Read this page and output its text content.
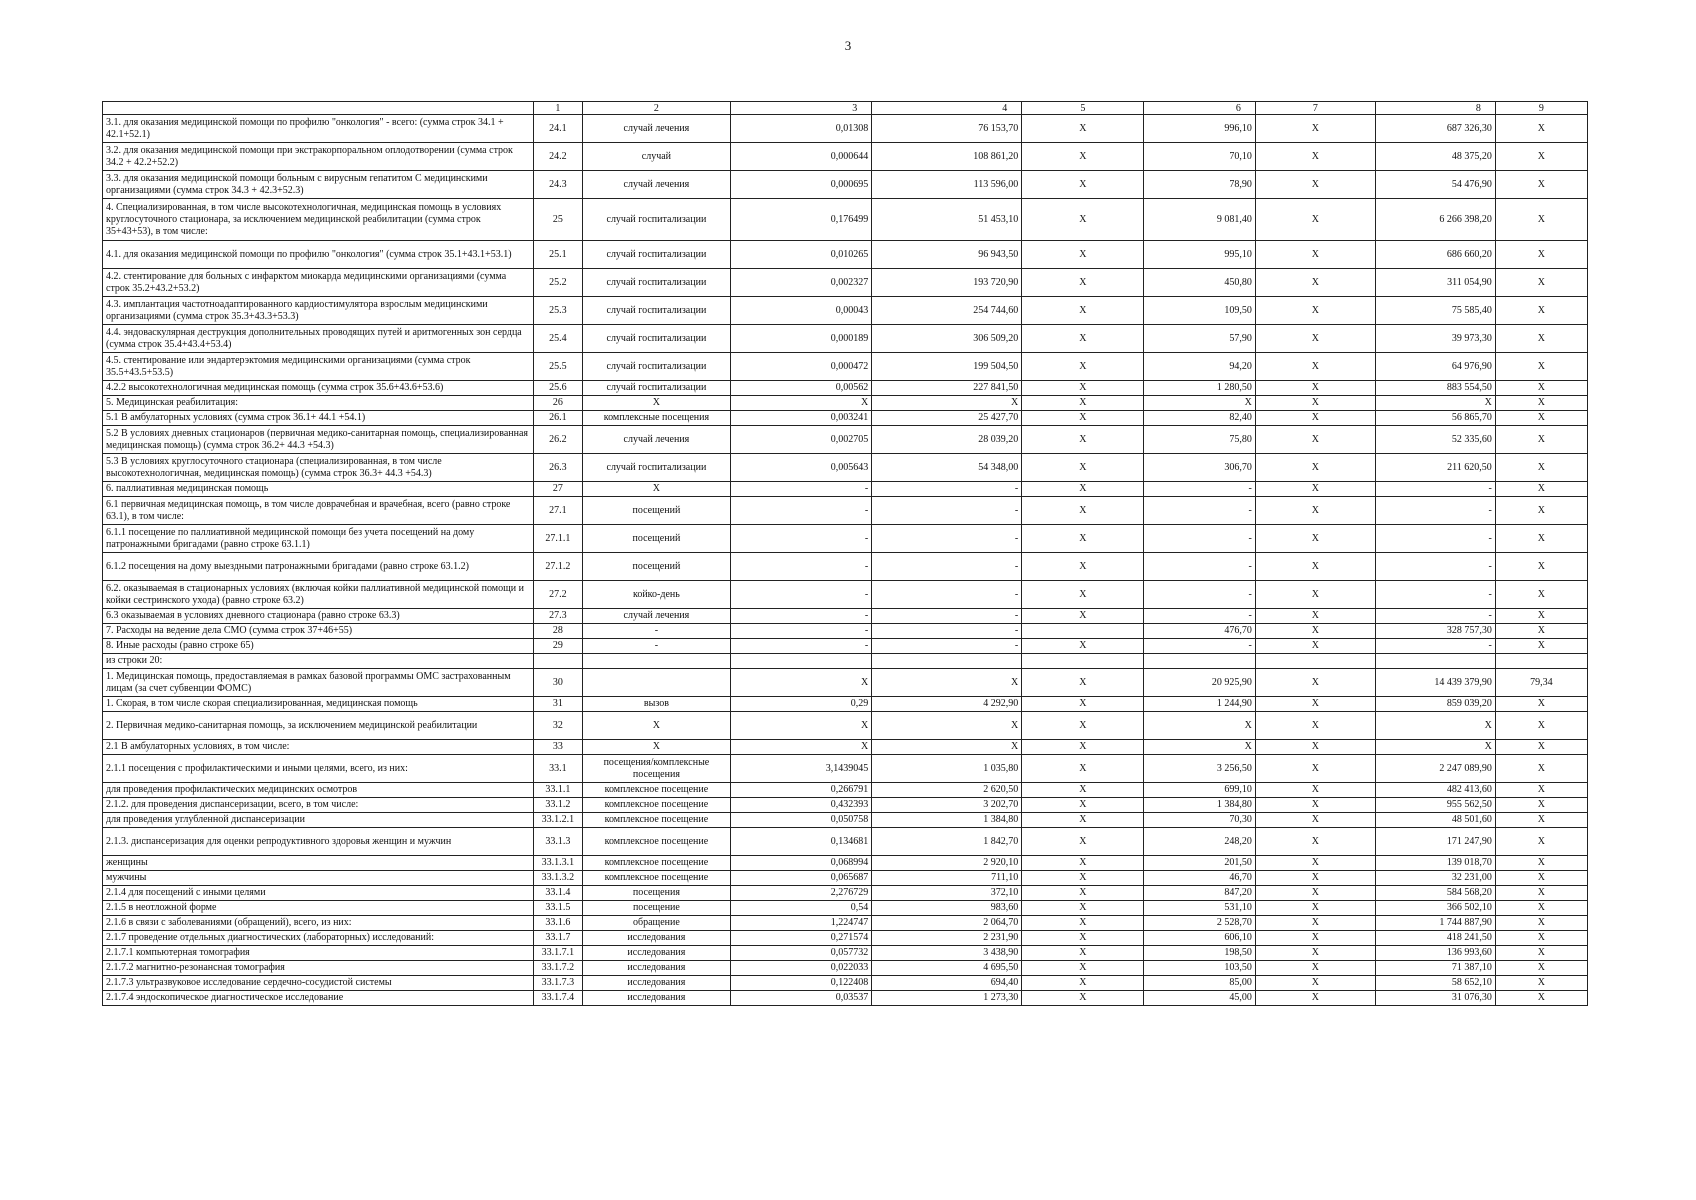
3
	1	2	3	4	5	6	7	8	9
3.1. для оказания медицинской помощи по профилю "онкология" - всего: (сумма строк 34.1 + 42.1+52.1)	24.1	случай лечения	0,01308	76 153,70	X	996,10	X	687 326,30	X
3.2. для оказания медицинской помощи при экстракорпоральном оплодотворении (сумма строк 34.2 + 42.2+52.2)	24.2	случай	0,000644	108 861,20	X	70,10	X	48 375,20	X
3.3. для оказания медицинской помощи больным с вирусным гепатитом С медицинскими организациями (сумма строк 34.3 + 42.3+52.3)	24.3	случай лечения	0,000695	113 596,00	X	78,90	X	54 476,90	X
4. Специализированная, в том числе высокотехнологичная, медицинская помощь в условиях круглосуточного стационара, за исключением медицинской реабилитации (сумма строк 35+43+53), в том числе:	25	случай госпитализации	0,176499	51 453,10	X	9 081,40	X	6 266 398,20	X
4.1. для оказания медицинской помощи по профилю "онкология" (сумма строк 35.1+43.1+53.1)	25.1	случай госпитализации	0,010265	96 943,50	X	995,10	X	686 660,20	X
4.2. стентирование для больных с инфарктом миокарда медицинскими организациями (сумма строк 35.2+43.2+53.2)	25.2	случай госпитализации	0,002327	193 720,90	X	450,80	X	311 054,90	X
4.3. имплантация частотноадаптированного кардиостимулятора взрослым медицинскими организациями (сумма строк 35.3+43.3+53.3)	25.3	случай госпитализации	0,00043	254 744,60	X	109,50	X	75 585,40	X
4.4. эндоваскулярная деструкция дополнительных проводящих путей и аритмогенных зон сердца (сумма строк 35.4+43.4+53.4)	25.4	случай госпитализации	0,000189	306 509,20	X	57,90	X	39 973,30	X
4.5. стентирование или эндартерэктомия медицинскими организациями (сумма строк 35.5+43.5+53.5)	25.5	случай госпитализации	0,000472	199 504,50	X	94,20	X	64 976,90	X
4.2.2 высокотехнологичная медицинская помощь (сумма строк 35.6+43.6+53.6)	25.6	случай госпитализации	0,00562	227 841,50	X	1 280,50	X	883 554,50	X
5. Медицинская реабилитация:	26	X	X	X	X	X	X	X	X
5.1 В амбулаторных условиях (сумма строк 36.1+ 44.1 +54.1)	26.1	комплексные посещения	0,003241	25 427,70	X	82,40	X	56 865,70	X
5.2 В условиях дневных стационаров (первичная медико-санитарная помощь, специализированная медицинская помощь) (сумма строк 36.2+ 44.3 +54.3)	26.2	случай лечения	0,002705	28 039,20	X	75,80	X	52 335,60	X
5.3 В условиях круглосуточного стационара (специализированная, в том числе высокотехнологичная, медицинская помощь) (сумма строк 36.3+ 44.3 +54.3)	26.3	случай госпитализации	0,005643	54 348,00	X	306,70	X	211 620,50	X
6. паллиативная медицинская помощь	27	X	-	-	X	-	X	-	X
6.1 первичная медицинская помощь, в том числе доврачебная и врачебная, всего (равно строке 63.1), в том числе:	27.1	посещений	-	-	X	-	X	-	X
6.1.1 посещение по паллиативной медицинской помощи без учета посещений на дому патронажными бригадами (равно строке 63.1.1)	27.1.1	посещений	-	-	X	-	X	-	X
6.1.2 посещения на дому выездными патронажными бригадами (равно строке 63.1.2)	27.1.2	посещений	-	-	X	-	X	-	X
6.2. оказываемая в стационарных условиях (включая койки паллиативной медицинской помощи и койки сестринского ухода) (равно строке 63.2)	27.2	койко-день	-	-	X	-	X	-	X
6.3 оказываемая в условиях дневного стационара (равно строке 63.3)	27.3	случай лечения	-	-	X	-	X	-	X
7. Расходы на ведение дела СМО (сумма строк 37+46+55)	28	-	-	-		476,70	X	328 757,30	X
8. Иные расходы (равно строке 65)	29	-	-	-	X	-	X	-	X
из строки 20:									
1. Медицинская помощь, предоставляемая в рамках базовой программы ОМС застрахованным лицам (за счет субвенции ФОМС)	30		X	X	X	20 925,90	X	14 439 379,90	79,34
1. Скорая, в том числе скорая специализированная, медицинская помощь	31	вызов	0,29	4 292,90	X	1 244,90	X	859 039,20	X
2. Первичная медико-санитарная помощь, за исключением медицинской реабилитации	32	X	X	X	X	X	X	X	X
2.1 В амбулаторных условиях, в том числе:	33	X	X	X	X	X	X	X	X
2.1.1 посещения с профилактическими и иными целями, всего, из них:	33.1	посещения/комплексные посещения	3,1439045	1 035,80	X	3 256,50	X	2 247 089,90	X
для проведения профилактических медицинских осмотров	33.1.1	комплексное посещение	0,266791	2 620,50	X	699,10	X	482 413,60	X
2.1.2. для проведения диспансеризации, всего, в том числе:	33.1.2	комплексное посещение	0,432393	3 202,70	X	1 384,80	X	955 562,50	X
для проведения углубленной диспансеризации	33.1.2.1	комплексное посещение	0,050758	1 384,80	X	70,30	X	48 501,60	X
2.1.3. диспансеризация для оценки репродуктивного здоровья женщин и мужчин	33.1.3	комплексное посещение	0,134681	1 842,70	X	248,20	X	171 247,90	X
женщины	33.1.3.1	комплексное посещение	0,068994	2 920,10	X	201,50	X	139 018,70	X
мужчины	33.1.3.2	комплексное посещение	0,065687	711,10	X	46,70	X	32 231,00	X
2.1.4 для посещений с иными целями	33.1.4	посещения	2,276729	372,10	X	847,20	X	584 568,20	X
2.1.5 в неотложной форме	33.1.5	посещение	0,54	983,60	X	531,10	X	366 502,10	X
2.1.6 в связи с заболеваниями (обращений), всего, из них:	33.1.6	обращение	1,224747	2 064,70	X	2 528,70	X	1 744 887,90	X
2.1.7 проведение отдельных диагностических (лабораторных) исследований:	33.1.7	исследования	0,271574	2 231,90	X	606,10	X	418 241,50	X
2.1.7.1 компьютерная томография	33.1.7.1	исследования	0,057732	3 438,90	X	198,50	X	136 993,60	X
2.1.7.2 магнитно-резонансная томография	33.1.7.2	исследования	0,022033	4 695,50	X	103,50	X	71 387,10	X
2.1.7.3 ультразвуковое исследование сердечно-сосудистой системы	33.1.7.3	исследования	0,122408	694,40	X	85,00	X	58 652,10	X
2.1.7.4 эндоскопическое диагностическое исследование	33.1.7.4	исследования	0,03537	1 273,30	X	45,00	X	31 076,30	X
